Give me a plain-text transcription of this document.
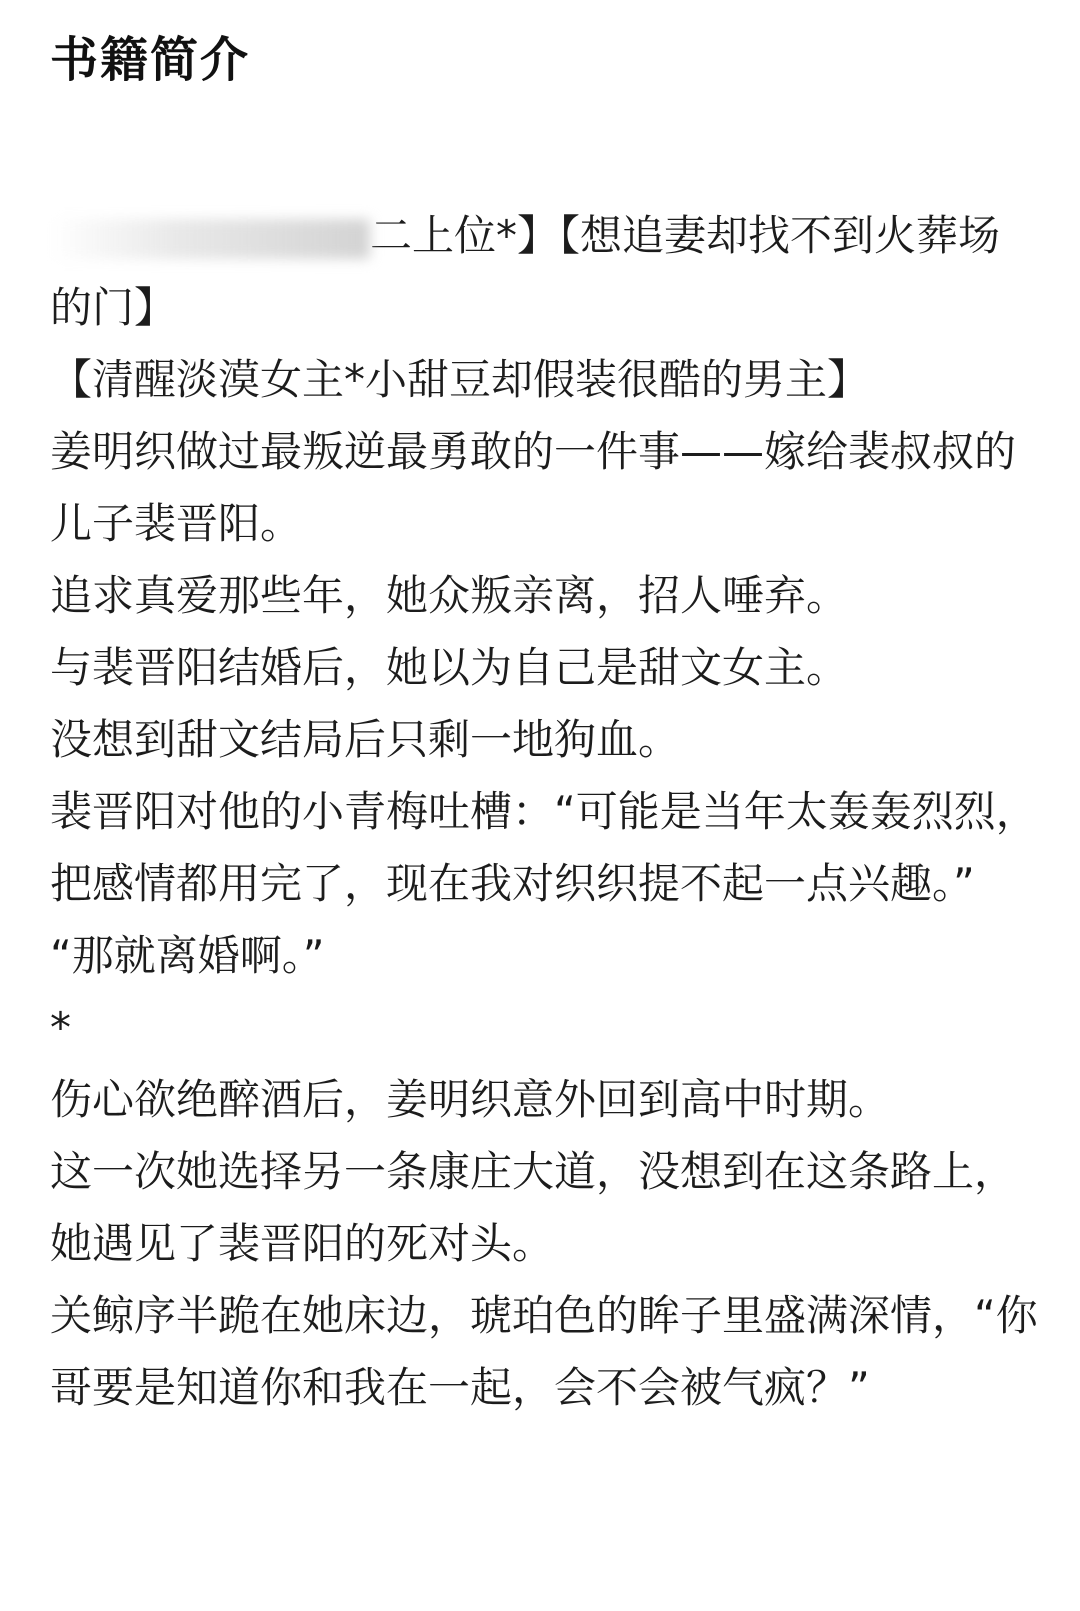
书籍简介

二上位*】【想追妻却找不到火葬场的门】

【清醒淡漠女主*小甜豆却假装很酷的男主】

姜明织做过最叛逆最勇敢的一件事——嫁给裴叔叔的儿子裴晋阳。

追求真爱那些年，她众叛亲离，招人唾弃。

与裴晋阳结婚后，她以为自己是甜文女主。

没想到甜文结局后只剩一地狗血。

裴晋阳对他的小青梅吐槽：“可能是当年太轰轰烈烈，把感情都用完了，现在我对织织提不起一点兴趣。”

“那就离婚啊。”

*

伤心欲绝醉酒后，姜明织意外回到高中时期。

这一次她选择另一条康庄大道，没想到在这条路上，她遇见了裴晋阳的死对头。

关鲸序半跪在她床边，琥珀色的眸子里盛满深情，“你哥要是知道你和我在一起，会不会被气疯？”
